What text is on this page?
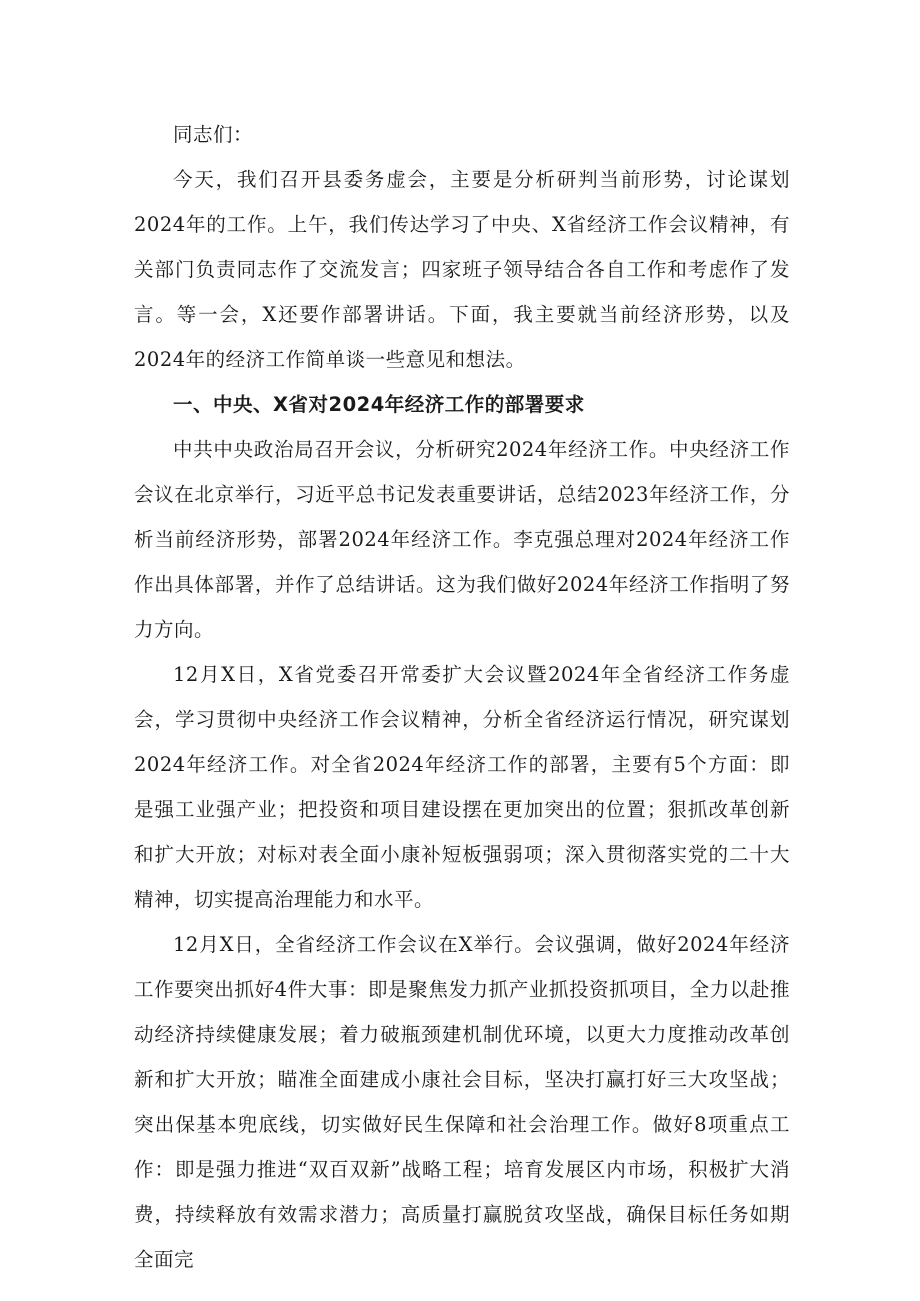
同志们：

今天，我们召开县委务虚会，主要是分析研判当前形势，讨论谋划2024年的工作。上午，我们传达学习了中央、X省经济工作会议精神，有关部门负责同志作了交流发言；四家班子领导结合各自工作和考虑作了发言。等一会，X还要作部署讲话。下面，我主要就当前经济形势，以及2024年的经济工作简单谈一些意见和想法。

一、中央、X省对2024年经济工作的部署要求

中共中央政治局召开会议，分析研究2024年经济工作。中央经济工作会议在北京举行，习近平总书记发表重要讲话，总结2023年经济工作，分析当前经济形势，部署2024年经济工作。李克强总理对2024年经济工作作出具体部署，并作了总结讲话。这为我们做好2024年经济工作指明了努力方向。

12月X日，X省党委召开常委扩大会议暨2024年全省经济工作务虚会，学习贯彻中央经济工作会议精神，分析全省经济运行情况，研究谋划2024年经济工作。对全省2024年经济工作的部署，主要有5个方面：即是强工业强产业；把投资和项目建设摆在更加突出的位置；狠抓改革创新和扩大开放；对标对表全面小康补短板强弱项；深入贯彻落实党的二十大精神，切实提高治理能力和水平。

12月X日，全省经济工作会议在X举行。会议强调，做好2024年经济工作要突出抓好4件大事：即是聚焦发力抓产业抓投资抓项目，全力以赴推动经济持续健康发展；着力破瓶颈建机制优环境，以更大力度推动改革创新和扩大开放；瞄准全面建成小康社会目标，坚决打赢打好三大攻坚战；突出保基本兜底线，切实做好民生保障和社会治理工作。做好8项重点工作：即是强力推进“双百双新”战略工程；培育发展区内市场，积极扩大消费，持续释放有效需求潜力；高质量打赢脱贫攻坚战，确保目标任务如期全面完
